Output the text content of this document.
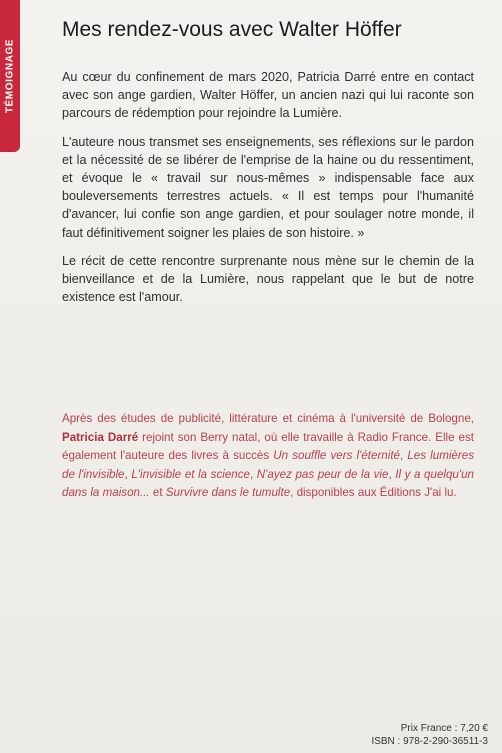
TÉMOIGNAGE
Mes rendez-vous avec Walter Höffer

Au cœur du confinement de mars 2020, Patricia Darré entre en contact avec son ange gardien, Walter Höffer, un ancien nazi qui lui raconte son parcours de rédemption pour rejoindre la Lumière.

L'auteure nous transmet ses enseignements, ses réflexions sur le pardon et la nécessité de se libérer de l'emprise de la haine ou du ressentiment, et évoque le « travail sur nous-mêmes » indispensable face aux bouleversements terrestres actuels. « Il est temps pour l'humanité d'avancer, lui confie son ange gardien, et pour soulager notre monde, il faut définitivement soigner les plaies de son histoire. »

Le récit de cette rencontre surprenante nous mène sur le chemin de la bienveillance et de la Lumière, nous rappelant que le but de notre existence est l'amour.

Après des études de publicité, littérature et cinéma à l'université de Bologne, Patricia Darré rejoint son Berry natal, où elle travaille à Radio France. Elle est également l'auteure des livres à succès Un souffle vers l'éternité, Les lumières de l'invisible, L'invisible et la science, N'ayez pas peur de la vie, Il y a quelqu'un dans la maison... et Survivre dans le tumulte, disponibles aux Éditions J'ai lu.
Prix France : 7,20 €
ISBN : 978-2-290-36511-3
